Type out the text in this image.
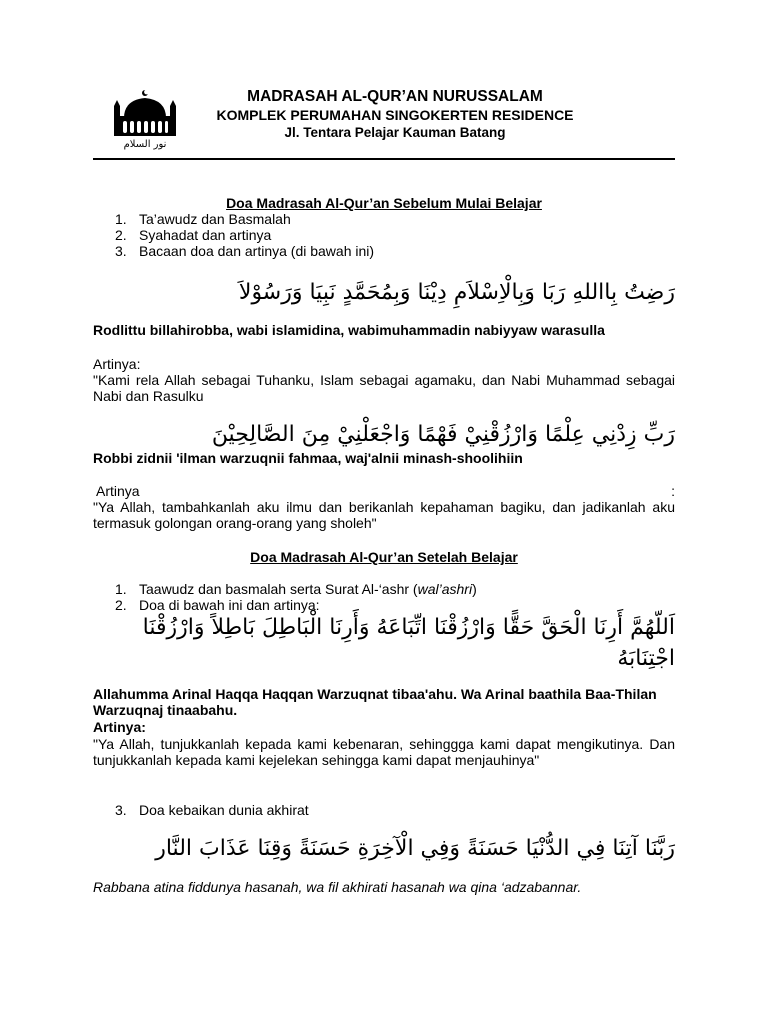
نور السلام
MADRASAH AL-QUR’AN NURUSSALAM
KOMPLEK PERUMAHAN SINGOKERTEN RESIDENCE
Jl. Tentara Pelajar Kauman Batang
Doa Madrasah Al-Qur’an Sebelum Mulai Belajar
1. Ta’awudz dan Basmalah
2. Syahadat dan artinya
3. Bacaan doa dan artinya (di bawah ini)
رَضِتُ بِااللهِ رَبَا وَبِالْاِسْلاَمِ دِيْنَا وَبِمُحَمَّدٍ نَبِيَا وَرَسُوْلاَ
Rodlittu billahirobba, wabi islamidina, wabimuhammadin nabiyyaw warasulla
Artinya:
"Kami rela Allah sebagai Tuhanku, Islam sebagai agamaku, dan Nabi Muhammad sebagai Nabi dan Rasulku
رَبِّ زِدْنِي عِلْمًا وَارْزُقْنِيْ فَهْمًا وَاجْعَلْنِيْ مِنَ الصَّالِحِيْنَ
Robbi zidnii 'ilman warzuqnii fahmaa, waj'alnii minash-shoolihiin
Artinya	:
"Ya Allah, tambahkanlah aku ilmu dan berikanlah kepahaman bagiku, dan jadikanlah aku termasuk golongan orang-orang yang sholeh"
Doa Madrasah Al-Qur’an Setelah Belajar
1. Taawudz dan basmalah serta Surat Al-‘ashr (wal’ashri)
2. Doa di bawah ini dan artinya:
اَللّهُمَّ أَرِنَا الْحَقَّ حَقًّا وَارْزُقْنَا اتِّبَاعَهُ وَأَرِنَا الْبَاطِلَ بَاطِلاً وَارْزُقْنَا اجْتِنَابَهُ
Allahumma Arinal Haqqa Haqqan Warzuqnat tibaa'ahu. Wa Arinal baathila Baa-Thilan Warzuqnaj tinaabahu.
Artinya:
"Ya Allah, tunjukkanlah kepada kami kebenaran, sehinggga kami dapat mengikutinya. Dan tunjukkanlah kepada kami kejelekan sehingga kami dapat menjauhinya"
3. Doa kebaikan dunia akhirat
رَبَّنَا آتِنَا فِي الدُّنْيَا حَسَنَةً وَفِي الْآخِرَةِ حَسَنَةً وَقِنَا عَذَابَ النَّار
Rabbana atina fiddunya hasanah, wa fil akhirati hasanah wa qina ‘adzabannar.
